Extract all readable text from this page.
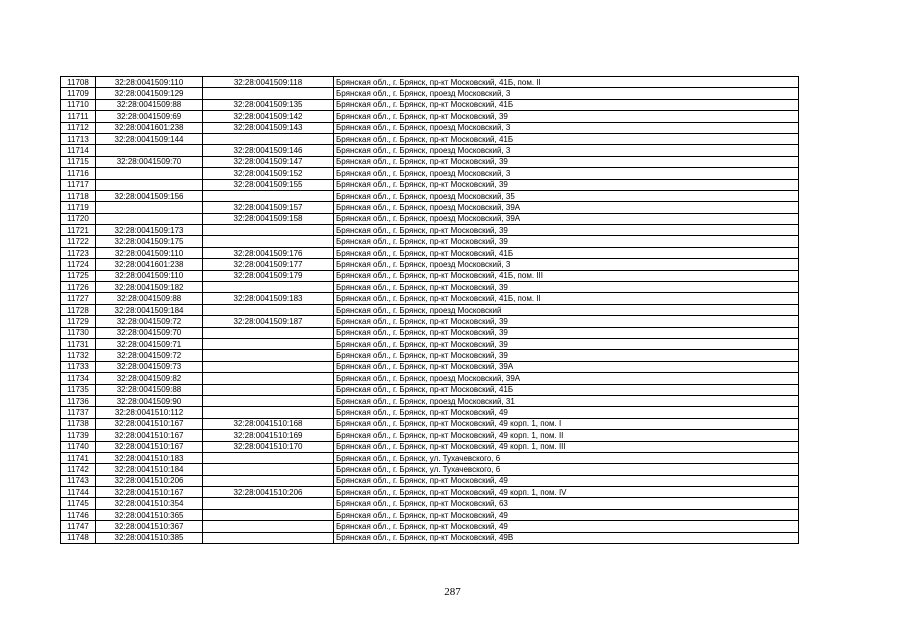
11708	32:28:0041509:110	32:28:0041509:118	Брянская обл., г. Брянск, пр-кт Московский, 41Б, пом. II
11709	32:28:0041509:129		Брянская обл., г. Брянск, проезд Московский, 3
11710	32:28:0041509:88	32:28:0041509:135	Брянская обл., г. Брянск, пр-кт Московский, 41Б
11711	32:28:0041509:69	32:28:0041509:142	Брянская обл., г. Брянск, пр-кт Московский, 39
11712	32:28:0041601:238	32:28:0041509:143	Брянская обл., г. Брянск, проезд Московский, 3
11713	32:28:0041509:144		Брянская обл., г. Брянск, пр-кт Московский, 41Б
11714		32:28:0041509:146	Брянская обл., г. Брянск, проезд Московский, 3
11715	32:28:0041509:70	32:28:0041509:147	Брянская обл., г. Брянск, пр-кт Московский, 39
11716		32:28:0041509:152	Брянская обл., г. Брянск, проезд Московский, 3
11717		32:28:0041509:155	Брянская обл., г. Брянск, пр-кт Московский, 39
11718	32:28:0041509:156		Брянская обл., г. Брянск, проезд Московский, 35
11719		32:28:0041509:157	Брянская обл., г. Брянск, проезд Московский, 39А
11720		32:28:0041509:158	Брянская обл., г. Брянск, проезд Московский, 39А
11721	32:28:0041509:173		Брянская обл., г. Брянск, пр-кт Московский, 39
11722	32:28:0041509:175		Брянская обл., г. Брянск, пр-кт Московский, 39
11723	32:28:0041509:110	32:28:0041509:176	Брянская обл., г. Брянск, пр-кт Московский, 41Б
11724	32:28:0041601:238	32:28:0041509:177	Брянская обл., г. Брянск, проезд Московский, 3
11725	32:28:0041509:110	32:28:0041509:179	Брянская обл., г. Брянск, пр-кт Московский, 41Б, пом. III
11726	32:28:0041509:182		Брянская обл., г. Брянск, пр-кт Московский, 39
11727	32:28:0041509:88	32:28:0041509:183	Брянская обл., г. Брянск, пр-кт Московский, 41Б, пом. II
11728	32:28:0041509:184		Брянская обл., г. Брянск, проезд Московский
11729	32:28:0041509:72	32:28:0041509:187	Брянская обл., г. Брянск, пр-кт Московский, 39
11730	32:28:0041509:70		Брянская обл., г. Брянск, пр-кт Московский, 39
11731	32:28:0041509:71		Брянская обл., г. Брянск, пр-кт Московский, 39
11732	32:28:0041509:72		Брянская обл., г. Брянск, пр-кт Московский, 39
11733	32:28:0041509:73		Брянская обл., г. Брянск, пр-кт Московский, 39А
11734	32:28:0041509:82		Брянская обл., г. Брянск, проезд Московский, 39А
11735	32:28:0041509:88		Брянская обл., г. Брянск, пр-кт Московский, 41Б
11736	32:28:0041509:90		Брянская обл., г. Брянск, проезд Московский, 31
11737	32:28:0041510:112		Брянская обл., г. Брянск, пр-кт Московский, 49
11738	32:28:0041510:167	32:28:0041510:168	Брянская обл., г. Брянск, пр-кт Московский, 49 корп. 1, пом. I
11739	32:28:0041510:167	32:28:0041510:169	Брянская обл., г. Брянск, пр-кт Московский, 49 корп. 1, пом. II
11740	32:28:0041510:167	32:28:0041510:170	Брянская обл., г. Брянск, пр-кт Московский, 49 корп. 1, пом. III
11741	32:28:0041510:183		Брянская обл., г. Брянск, ул. Тухачевского, 6
11742	32:28:0041510:184		Брянская обл., г. Брянск, ул. Тухачевского, 6
11743	32:28:0041510:206		Брянская обл., г. Брянск, пр-кт Московский, 49
11744	32:28:0041510:167	32:28:0041510:206	Брянская обл., г. Брянск, пр-кт Московский, 49 корп. 1, пом. IV
11745	32:28:0041510:354		Брянская обл., г. Брянск, пр-кт Московский, 63
11746	32:28:0041510:365		Брянская обл., г. Брянск, пр-кт Московский, 49
11747	32:28:0041510:367		Брянская обл., г. Брянск, пр-кт Московский, 49
11748	32:28:0041510:385		Брянская обл., г. Брянск, пр-кт Московский, 49В
287
